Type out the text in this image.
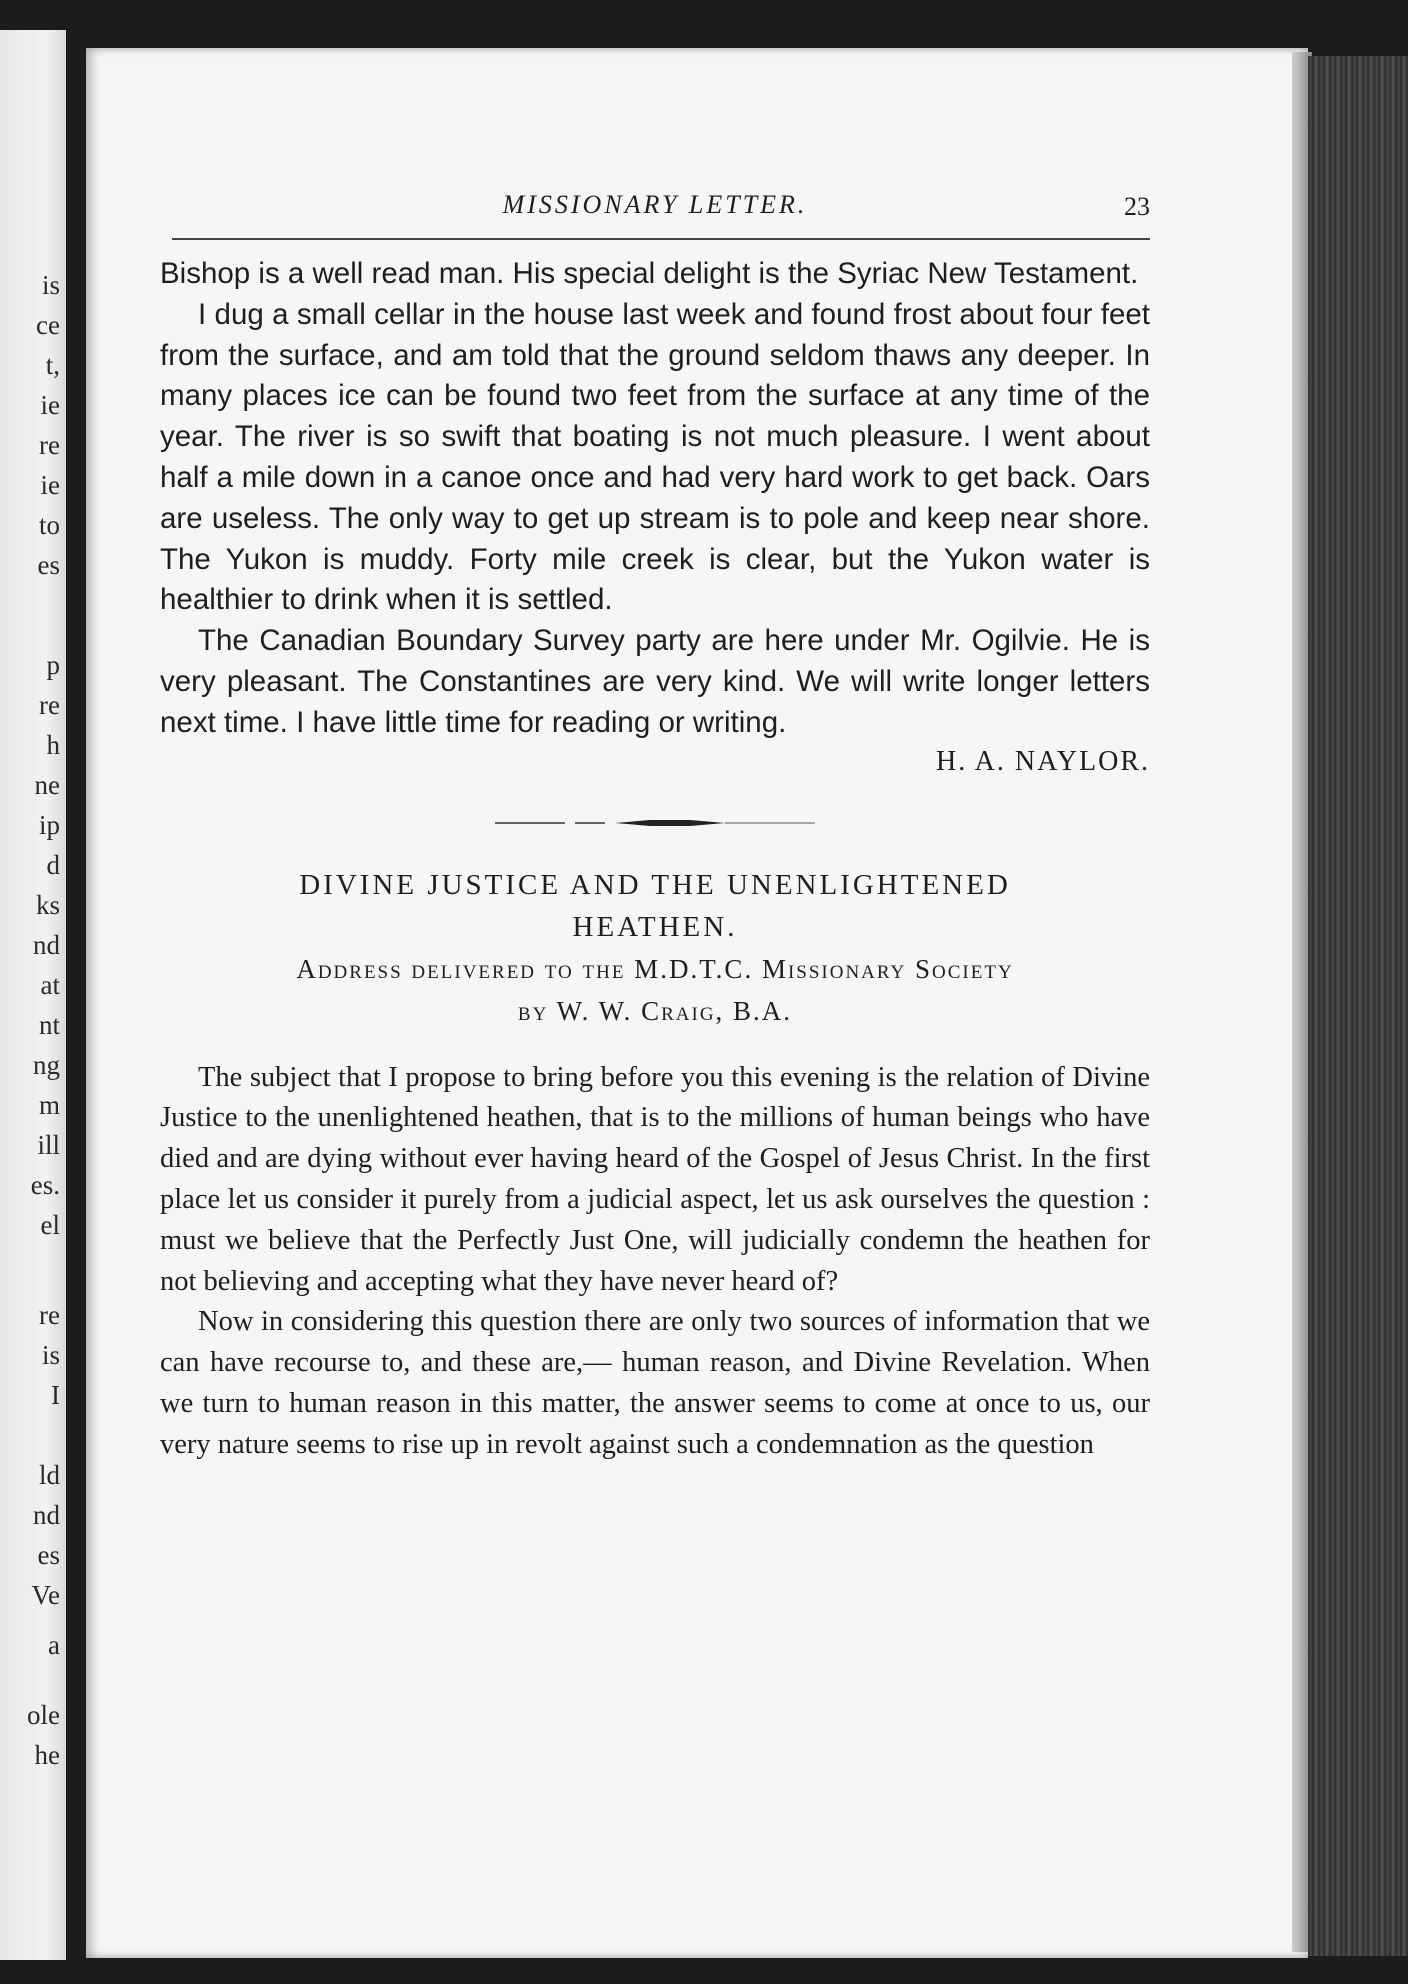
is
ce
t,
ie
re
ie
to
es
p
re
h
ne
ip
d
ks
nd
at
nt
ng
m
ill
es.
el
re
is
I
ld
nd
es
Ve
a
ole
he
MISSIONARY LETTER.	23

Bishop is a well read man. His special delight is the Syriac New Testament.

I dug a small cellar in the house last week and found frost about four feet from the surface, and am told that the ground seldom thaws any deeper. In many places ice can be found two feet from the surface at any time of the year. The river is so swift that boating is not much pleasure. I went about half a mile down in a canoe once and had very hard work to get back. Oars are useless. The only way to get up stream is to pole and keep near shore. The Yukon is muddy. Forty mile creek is clear, but the Yukon water is healthier to drink when it is settled.

The Canadian Boundary Survey party are here under Mr. Ogilvie. He is very pleasant. The Constantines are very kind. We will write longer letters next time. I have little time for reading or writing.

H. A. NAYLOR.

DIVINE JUSTICE AND THE UNENLIGHTENED

HEATHEN.

Address delivered to the M.D.T.C. Missionary Society

by W. W. Craig, B.A.

The subject that I propose to bring before you this evening is the relation of Divine Justice to the unenlightened heathen, that is to the millions of human beings who have died and are dying without ever having heard of the Gospel of Jesus Christ. In the first place let us consider it purely from a judicial aspect, let us ask ourselves the question : must we believe that the Perfectly Just One, will judicially condemn the heathen for not believing and accepting what they have never heard of?

Now in considering this question there are only two sources of information that we can have recourse to, and these are,— human reason, and Divine Revelation. When we turn to human reason in this matter, the answer seems to come at once to us, our very nature seems to rise up in revolt against such a condemnation as the question
